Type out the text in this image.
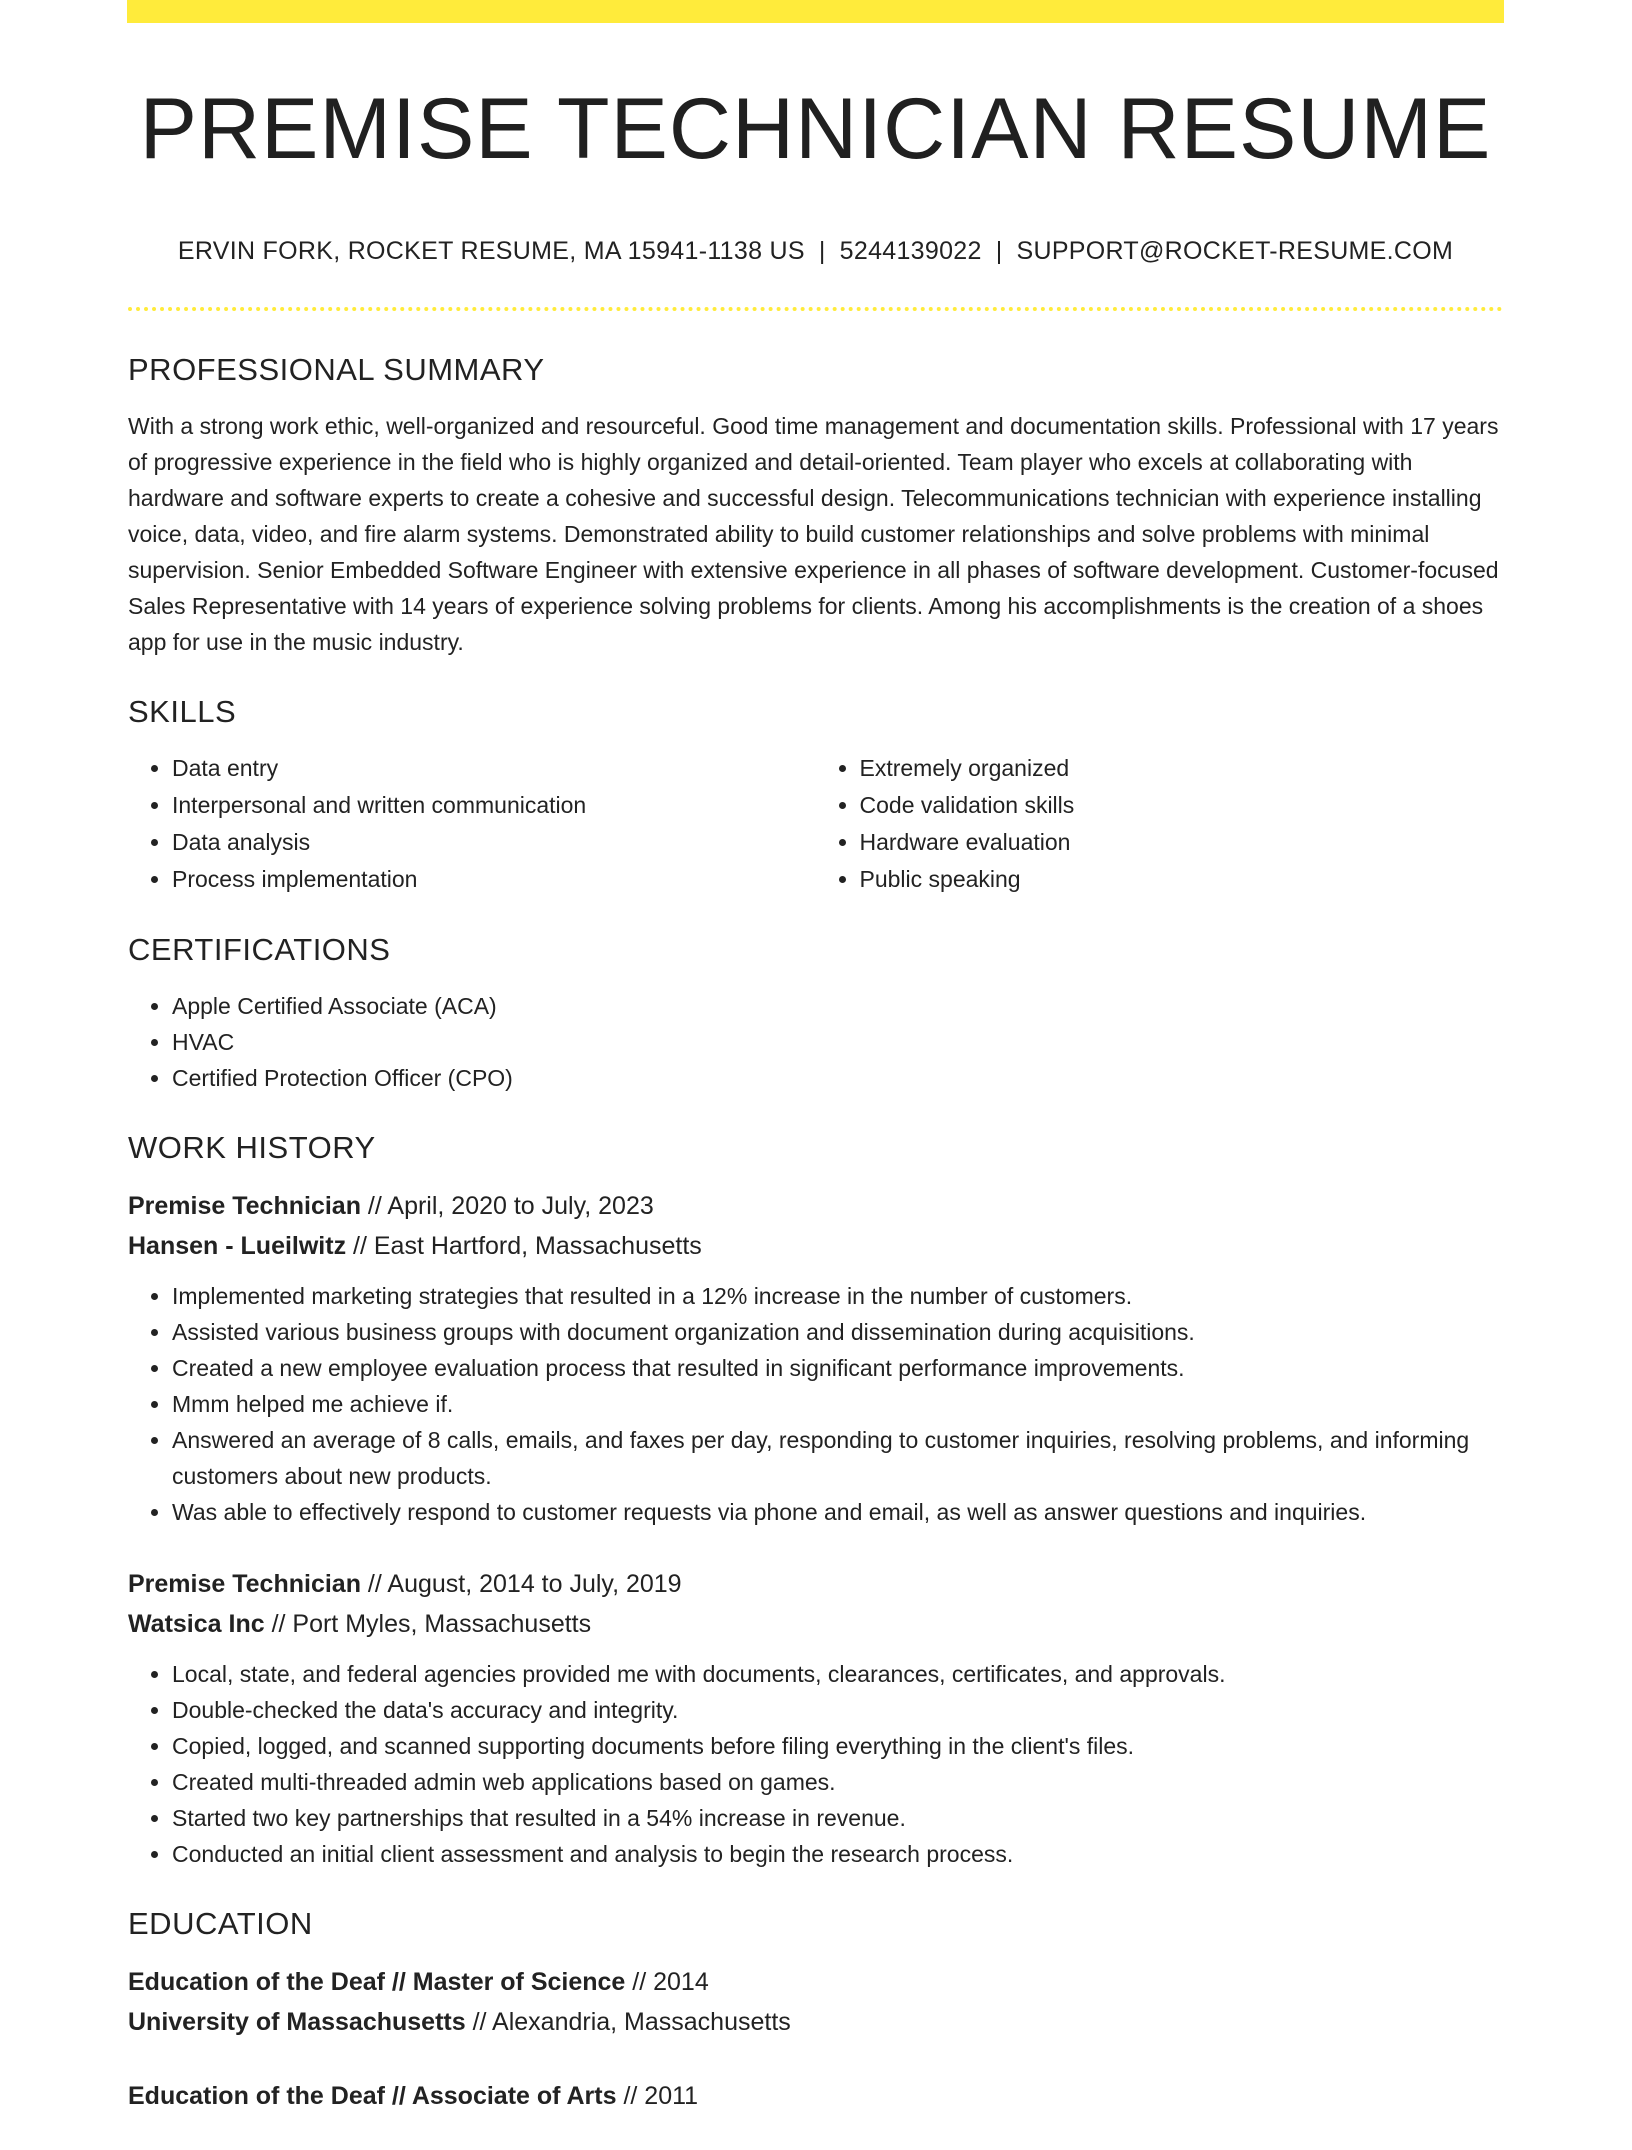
PREMISE TECHNICIAN RESUME
ERVIN FORK, ROCKET RESUME, MA 15941-1138 US | 5244139022 | SUPPORT@ROCKET-RESUME.COM
PROFESSIONAL SUMMARY

With a strong work ethic, well-organized and resourceful. Good time management and documentation skills. Professional with 17 years of progressive experience in the field who is highly organized and detail-oriented. Team player who excels at collaborating with hardware and software experts to create a cohesive and successful design. Telecommunications technician with experience installing voice, data, video, and fire alarm systems. Demonstrated ability to build customer relationships and solve problems with minimal supervision. Senior Embedded Software Engineer with extensive experience in all phases of software development. Customer-focused Sales Representative with 14 years of experience solving problems for clients. Among his accomplishments is the creation of a shoes app for use in the music industry.

SKILLS
• Data entry
• Interpersonal and written communication
• Data analysis
• Process implementation
• Extremely organized
• Code validation skills
• Hardware evaluation
• Public speaking
CERTIFICATIONS
• Apple Certified Associate (ACA)
• HVAC
• Certified Protection Officer (CPO)
WORK HISTORY
Premise Technician // April, 2020 to July, 2023
Hansen - Lueilwitz // East Hartford, Massachusetts
• Implemented marketing strategies that resulted in a 12% increase in the number of customers.
• Assisted various business groups with document organization and dissemination during acquisitions.
• Created a new employee evaluation process that resulted in significant performance improvements.
• Mmm helped me achieve if.
• Answered an average of 8 calls, emails, and faxes per day, responding to customer inquiries, resolving problems, and informing customers about new products.
• Was able to effectively respond to customer requests via phone and email, as well as answer questions and inquiries.
Premise Technician // August, 2014 to July, 2019
Watsica Inc // Port Myles, Massachusetts
• Local, state, and federal agencies provided me with documents, clearances, certificates, and approvals.
• Double-checked the data's accuracy and integrity.
• Copied, logged, and scanned supporting documents before filing everything in the client's files.
• Created multi-threaded admin web applications based on games.
• Started two key partnerships that resulted in a 54% increase in revenue.
• Conducted an initial client assessment and analysis to begin the research process.
EDUCATION
Education of the Deaf // Master of Science // 2014
University of Massachusetts // Alexandria, Massachusetts
Education of the Deaf // Associate of Arts // 2011
